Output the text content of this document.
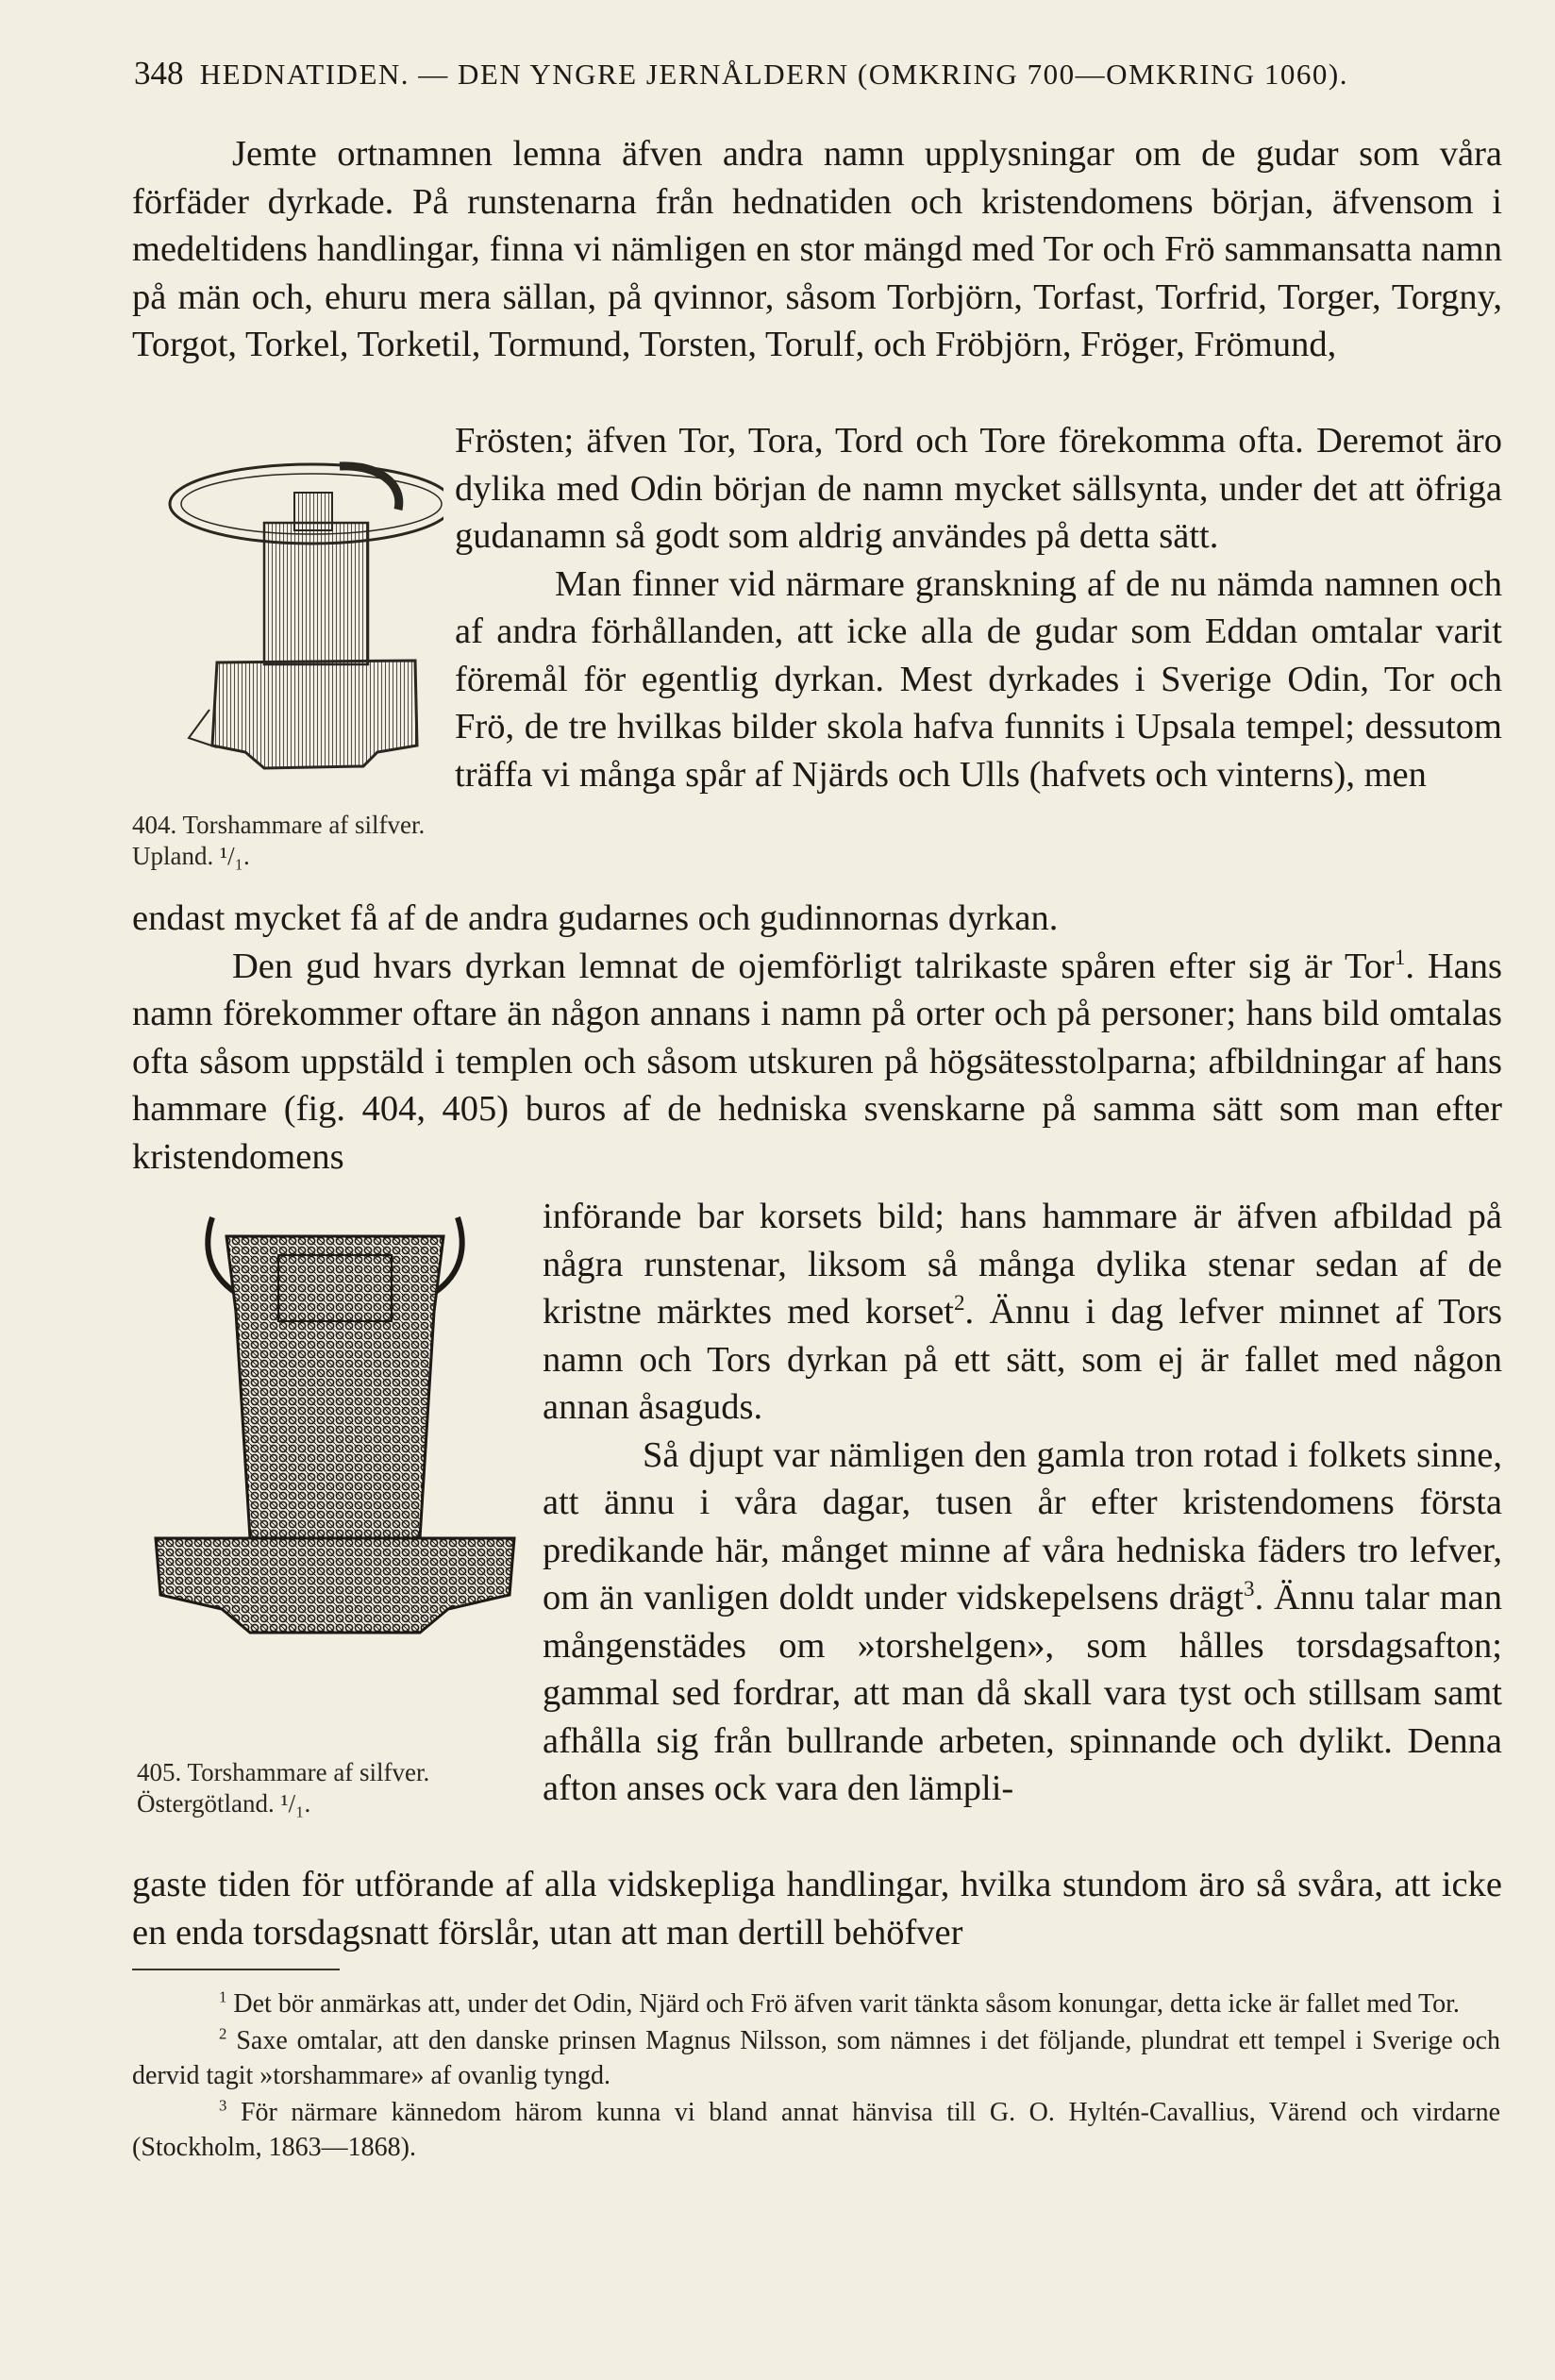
348 HEDNATIDEN. — DEN YNGRE JERNÅLDERN (OMKRING 700—OMKRING 1060).

Jemte ortnamnen lemna äfven andra namn upplysningar om de gudar som våra förfäder dyrkade. På runstenarna från hednatiden och kristendomens början, äfvensom i medeltidens handlingar, finna vi nämligen en stor mängd med Tor och Frö sammansatta namn på män och, ehuru mera sällan, på qvinnor, såsom Torbjörn, Torfast, Torfrid, Torger, Torgny, Torgot, Torkel, Torketil, Tormund, Torsten, Torulf, och Fröbjörn, Fröger, Frömund,

Frösten; äfven Tor, Tora, Tord och Tore förekomma ofta. Deremot äro dylika med Odin början de namn mycket sällsynta, under det att öfriga gudanamn så godt som aldrig användes på detta sätt.

Man finner vid närmare granskning af de nu nämda namnen och af andra förhållanden, att icke alla de gudar som Eddan omtalar varit föremål för egentlig dyrkan. Mest dyrkades i Sverige Odin, Tor och Frö, de tre hvilkas bilder skola hafva funnits i Upsala tempel; dessutom träffa vi många spår af Njärds och Ulls (hafvets och vinterns), men

404. Torshammare af silfver. Upland. ¹/₁.

endast mycket få af de andra gudarnes och gudinnornas dyrkan.

Den gud hvars dyrkan lemnat de ojemförligt talrikaste spåren efter sig är Tor$^1$. Hans namn förekommer oftare än någon annans i namn på orter och på personer; hans bild omtalas ofta såsom uppstäld i templen och såsom utskuren på högsätesstolparna; afbildningar af hans hammare (fig. 404, 405) buros af de hedniska svenskarne på samma sätt som man efter kristendomens

införande bar korsets bild; hans hammare är äfven afbildad på några runstenar, liksom så många dylika stenar sedan af de kristne märktes med korset$^2$. Ännu i dag lefver minnet af Tors namn och Tors dyrkan på ett sätt, som ej är fallet med någon annan åsaguds.

Så djupt var nämligen den gamla tron rotad i folkets sinne, att ännu i våra dagar, tusen år efter kristendomens första predikande här, månget minne af våra hedniska fäders tro lefver, om än vanligen doldt under vidskepelsens drägt$^3$. Ännu talar man mångenstädes om »torshelgen», som hålles torsdagsafton; gammal sed fordrar, att man då skall vara tyst och stillsam samt afhålla sig från bullrande arbeten, spinnande och dylikt. Denna afton anses ock vara den lämpli-

405. Torshammare af silfver. Östergötland. ¹/₁.

gaste tiden för utförande af alla vidskepliga handlingar, hvilka stundom äro så svåra, att icke en enda torsdagsnatt förslår, utan att man dertill behöfver

$^1$ Det bör anmärkas att, under det Odin, Njärd och Frö äfven varit tänkta såsom konungar, detta icke är fallet med Tor.

$^2$ Saxe omtalar, att den danske prinsen Magnus Nilsson, som nämnes i det följande, plundrat ett tempel i Sverige och dervid tagit »torshammare» af ovanlig tyngd.

$^3$ För närmare kännedom härom kunna vi bland annat hänvisa till G. O. Hyltén-Cavallius, Värend och virdarne (Stockholm, 1863—1868).
